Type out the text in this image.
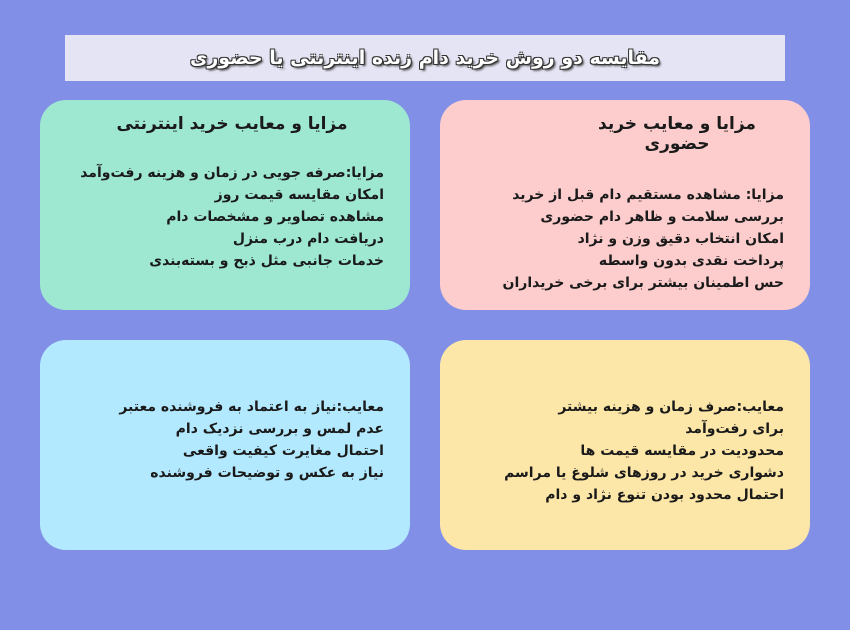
مقایسه دو روش خرید دام زنده اینترنتی یا حضوری
مزایا و معایب خرید اینترنتی
مزایا:صرفه جویی در زمان و هزینه رفت‌وآمد
امکان مقایسه قیمت روز
مشاهده تصاویر و مشخصات دام
دریافت دام درب منزل
خدمات جانبی مثل ذبح و بسته‌بندی
مزایا و معایب خرید حضوری
مزایا: مشاهده مستقیم دام قبل از خرید
بررسی سلامت و ظاهر دام حضوری
امکان انتخاب دقیق وزن و نژاد
پرداخت نقدی بدون واسطه
حس اطمینان بیشتر برای برخی خریداران
معایب:نیاز به اعتماد به فروشنده معتبر
عدم لمس و بررسی نزدیک دام
احتمال مغایرت کیفیت واقعی
نیاز به عکس و توضیحات فروشنده
معایب:صرف زمان و هزینه بیشتر
برای رفت‌وآمد
محدودیت در مقایسه قیمت ها
دشواری خرید در روزهای شلوغ یا مراسم
احتمال محدود بودن تنوع نژاد و دام
